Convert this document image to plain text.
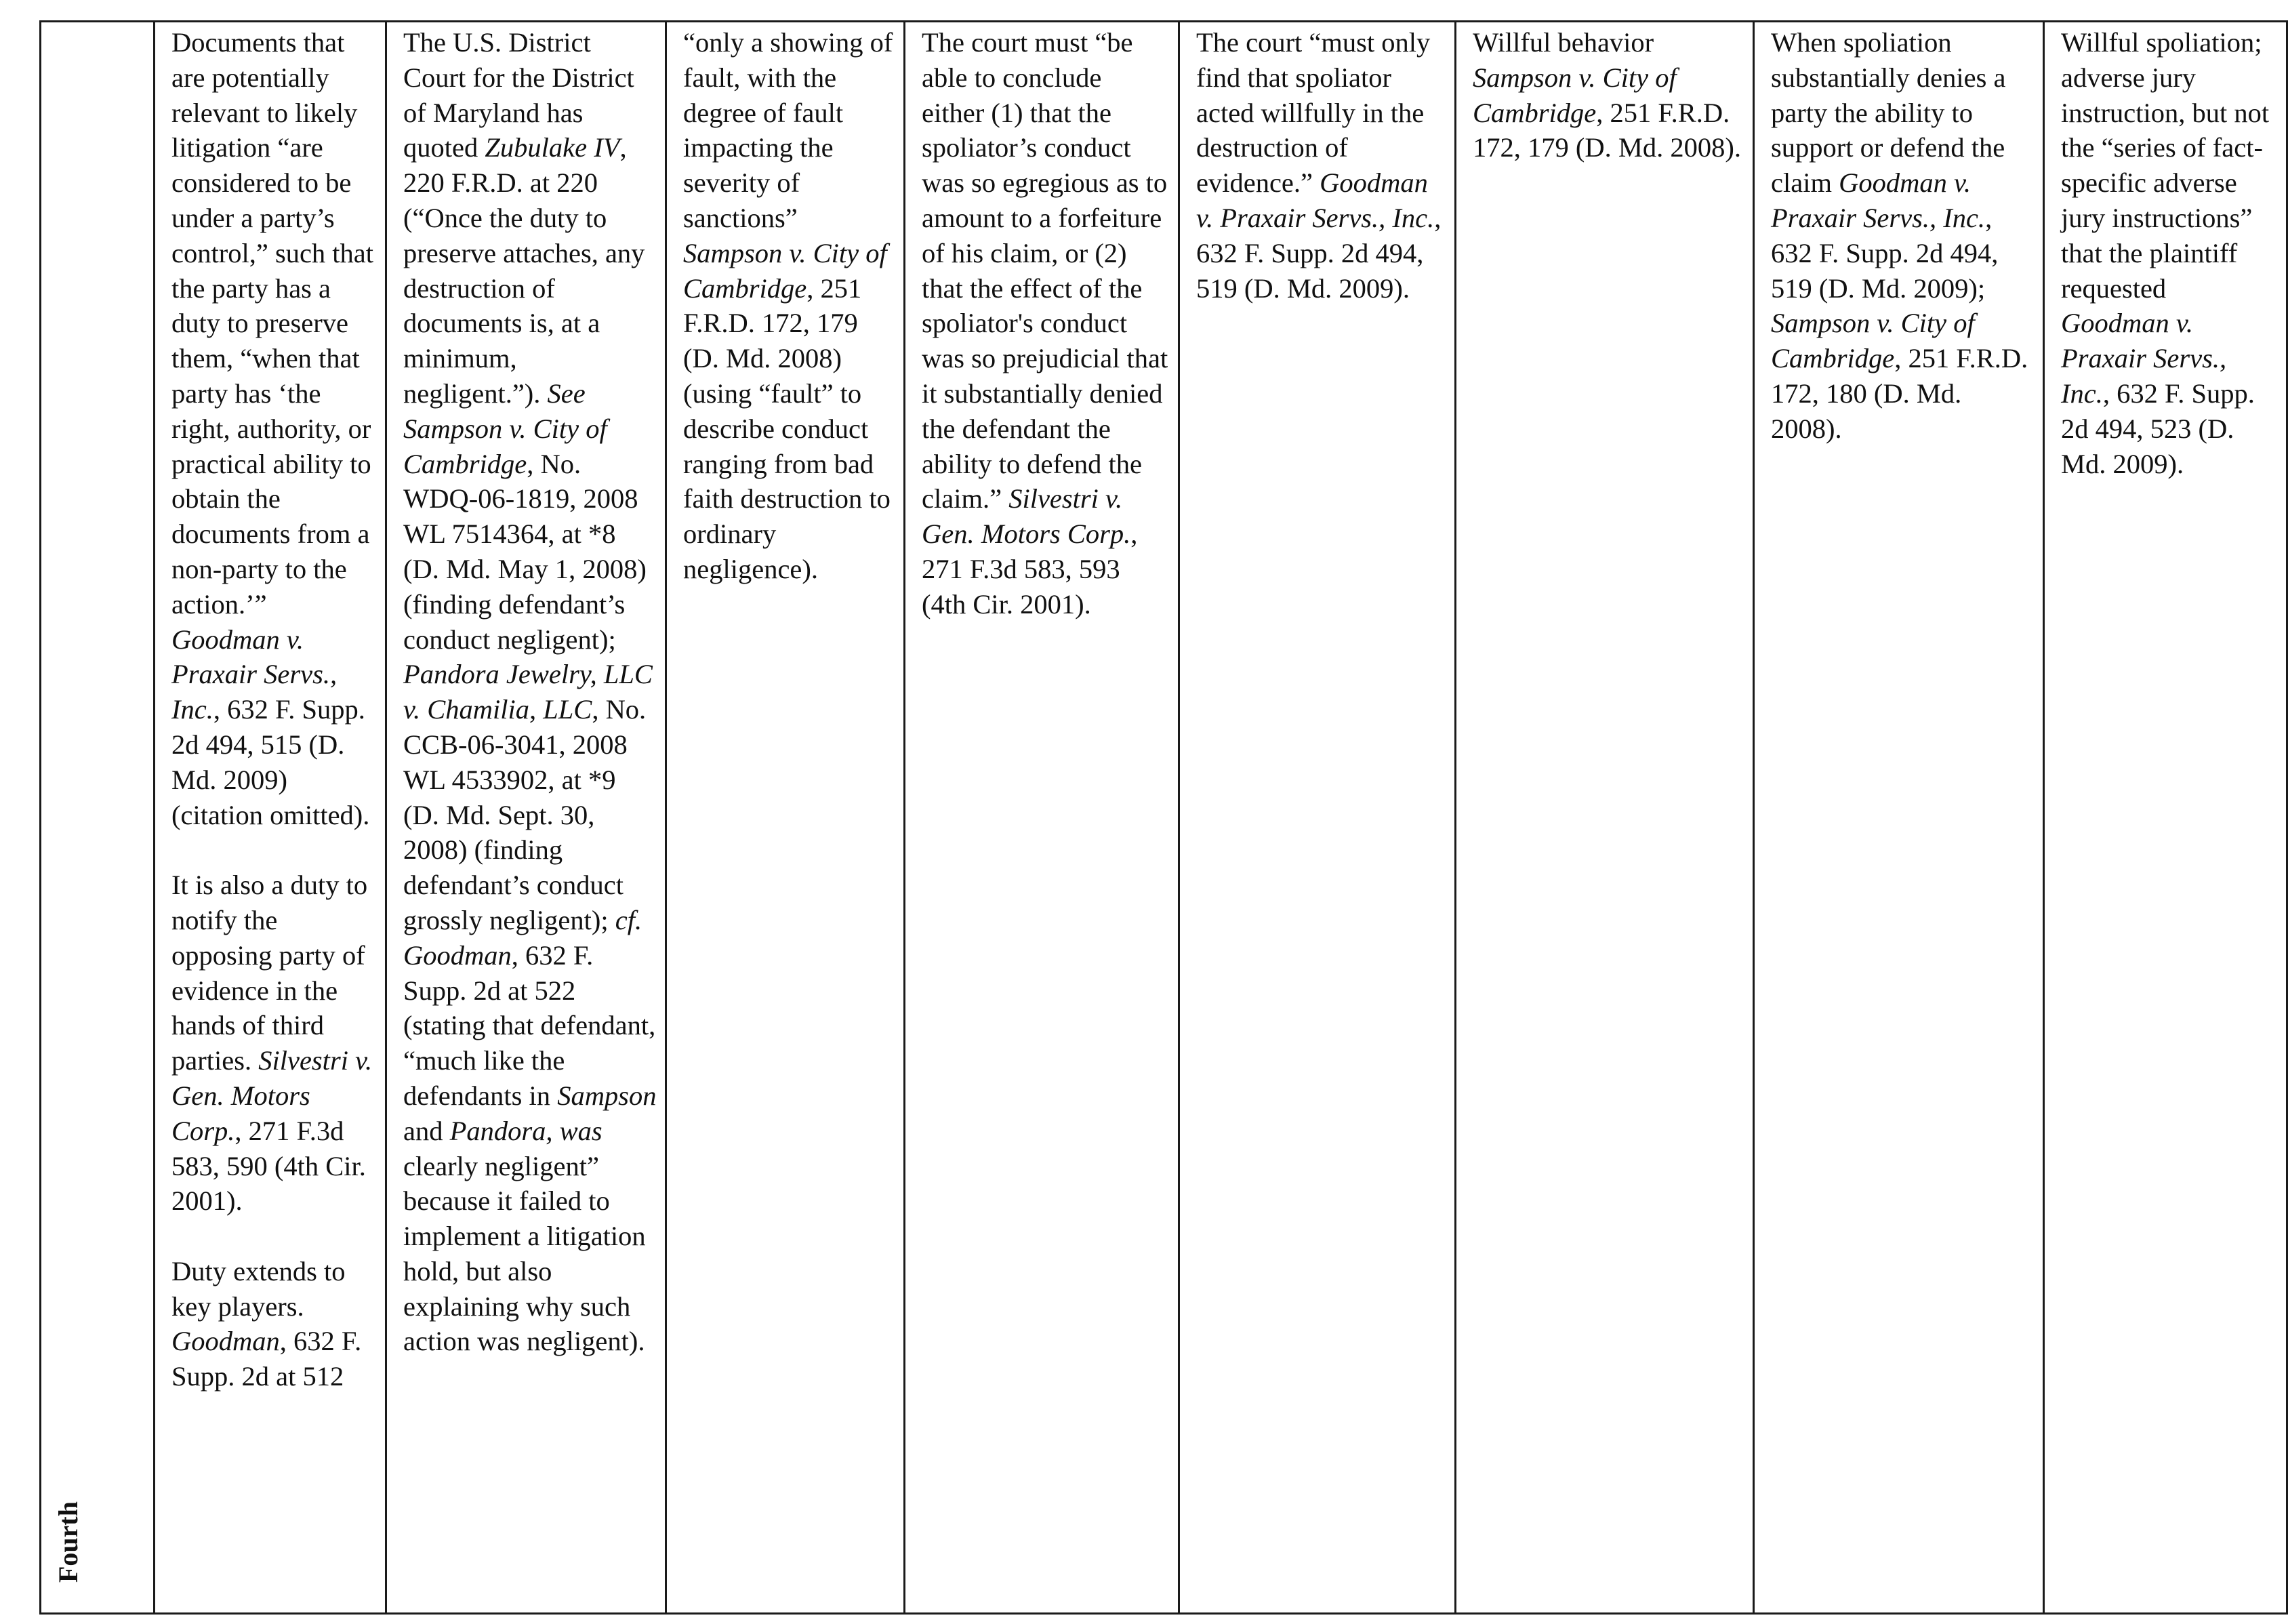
Fourth

Documents that are potentially relevant to likely litigation “are considered to be under a party’s control,” such that the party has a duty to preserve them, “when that party has ‘the right, authority, or practical ability to obtain the documents from a non-party to the action.’” Goodman v. Praxair Servs., Inc., 632 F. Supp. 2d 494, 515 (D. Md. 2009) (citation omitted).

It is also a duty to notify the opposing party of evidence in the hands of third parties. Silvestri v. Gen. Motors Corp., 271 F.3d 583, 590 (4th Cir. 2001).

Duty extends to key players. Goodman, 632 F. Supp. 2d at 512

The U.S. District Court for the District of Maryland has quoted Zubulake IV, 220 F.R.D. at 220 (“Once the duty to preserve attaches, any destruction of documents is, at a minimum, negligent.”). See Sampson v. City of Cambridge, No. WDQ-06-1819, 2008 WL 7514364, at *8 (D. Md. May 1, 2008) (finding defendant’s conduct negligent); Pandora Jewelry, LLC v. Chamilia, LLC, No. CCB-06-3041, 2008 WL 4533902, at *9 (D. Md. Sept. 30, 2008) (finding defendant’s conduct grossly negligent); cf. Goodman, 632 F. Supp. 2d at 522 (stating that defendant, “much like the defendants in Sampson and Pandora, was clearly negligent” because it failed to implement a litigation hold, but also explaining why such action was negligent).

“only a showing of fault, with the degree of fault impacting the severity of sanctions” Sampson v. City of Cambridge, 251 F.R.D. 172, 179 (D. Md. 2008) (using “fault” to describe conduct ranging from bad faith destruction to ordinary negligence).

The court must “be able to conclude either (1) that the spoliator’s conduct was so egregious as to amount to a forfeiture of his claim, or (2) that the effect of the spoliator's conduct was so prejudicial that it substantially denied the defendant the ability to defend the claim.” Silvestri v. Gen. Motors Corp., 271 F.3d 583, 593 (4th Cir. 2001).

The court “must only find that spoliator acted willfully in the destruction of evidence.” Goodman v. Praxair Servs., Inc., 632 F. Supp. 2d 494, 519 (D. Md. 2009).

Willful behavior Sampson v. City of Cambridge, 251 F.R.D. 172, 179 (D. Md. 2008).

When spoliation substantially denies a party the ability to support or defend the claim Goodman v. Praxair Servs., Inc., 632 F. Supp. 2d 494, 519 (D. Md. 2009); Sampson v. City of Cambridge, 251 F.R.D. 172, 180 (D. Md. 2008).

Willful spoliation; adverse jury instruction, but not the “series of fact-specific adverse jury instructions” that the plaintiff requested Goodman v. Praxair Servs., Inc., 632 F. Supp. 2d 494, 523 (D. Md. 2009).
